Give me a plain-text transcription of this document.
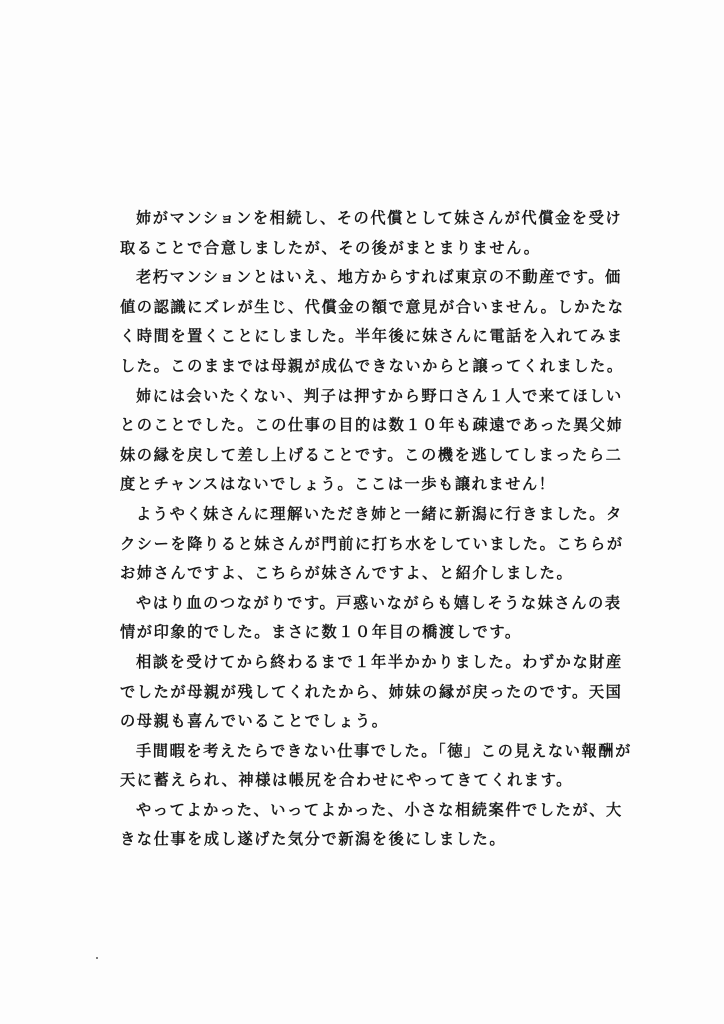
姉がマンションを相続し、その代償として妹さんが代償金を受け
取ることで合意しましたが、その後がまとまりません。

老朽マンションとはいえ、地方からすれば東京の不動産です。価
値の認識にズレが生じ、代償金の額で意見が合いません。しかたな
く時間を置くことにしました。半年後に妹さんに電話を入れてみま
した。このままでは母親が成仏できないからと譲ってくれました。

姉には会いたくない、判子は押すから野口さん１人で来てほしい
とのことでした。この仕事の目的は数１０年も疎遠であった異父姉
妹の縁を戻して差し上げることです。この機を逃してしまったら二
度とチャンスはないでしょう。ここは一歩も譲れません！

ようやく妹さんに理解いただき姉と一緒に新潟に行きました。タ
クシーを降りると妹さんが門前に打ち水をしていました。こちらが
お姉さんですよ、こちらが妹さんですよ、と紹介しました。

やはり血のつながりです。戸惑いながらも嬉しそうな妹さんの表
情が印象的でした。まさに数１０年目の橋渡しです。

相談を受けてから終わるまで１年半かかりました。わずかな財産
でしたが母親が残してくれたから、姉妹の縁が戻ったのです。天国
の母親も喜んでいることでしょう。

手間暇を考えたらできない仕事でした。「徳」この見えない報酬が
天に蓄えられ、神様は帳尻を合わせにやってきてくれます。

やってよかった、いってよかった、小さな相続案件でしたが、大
きな仕事を成し遂げた気分で新潟を後にしました。
